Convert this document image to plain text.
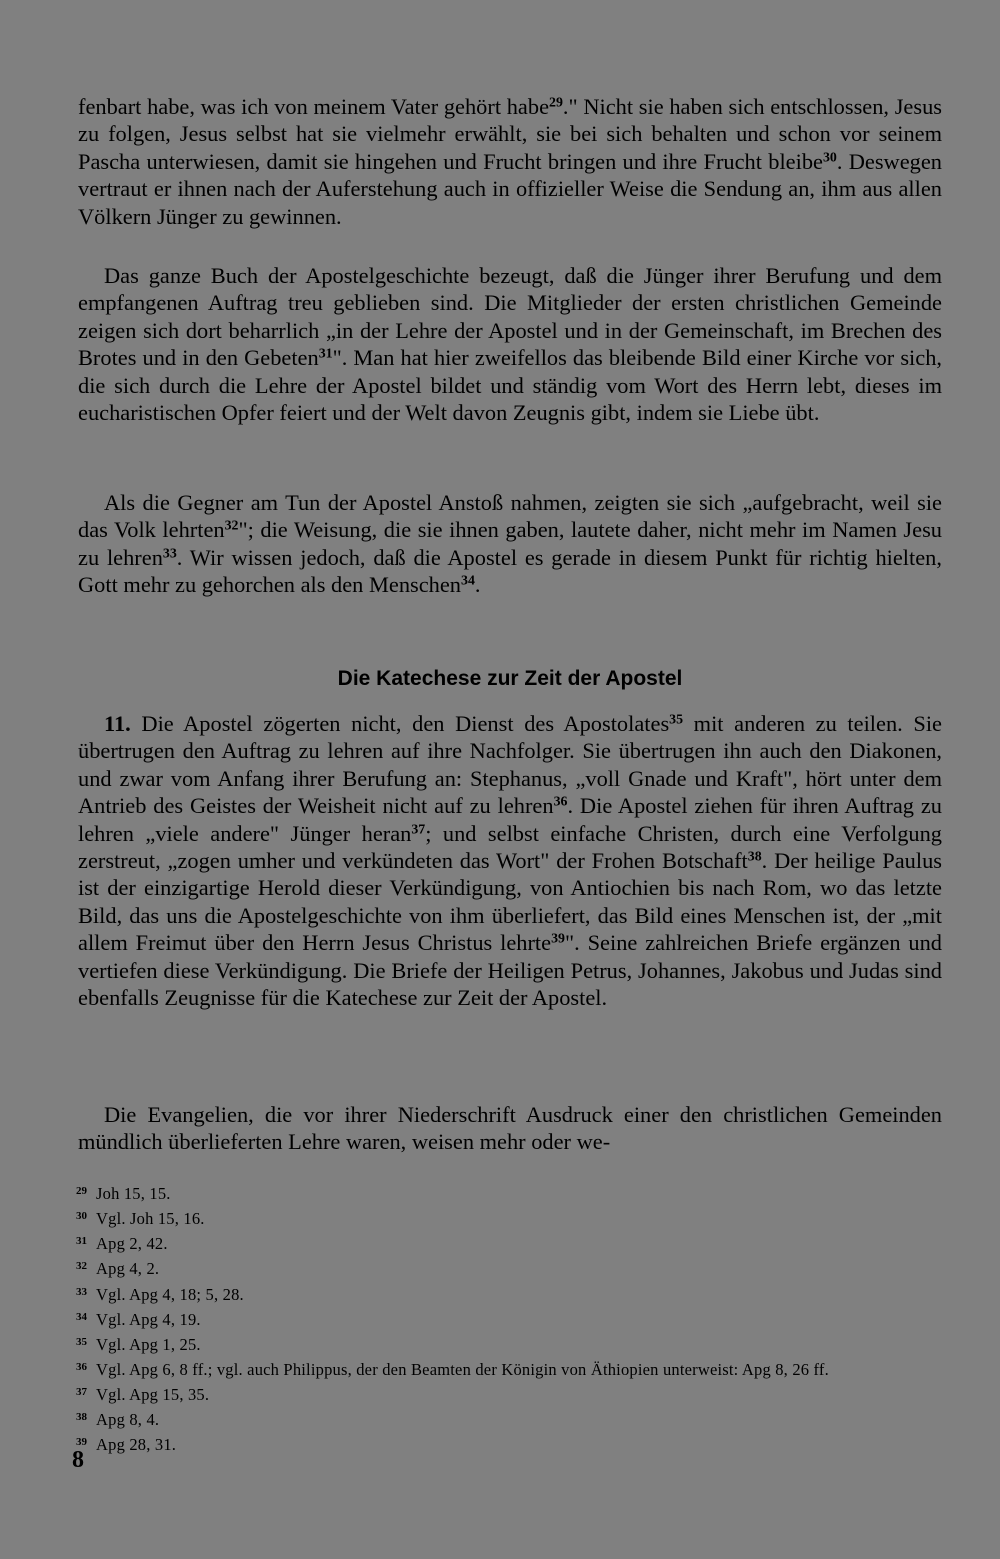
fenbart habe, was ich von meinem Vater gehört habe$^{29}$." Nicht sie haben sich entschlossen, Jesus zu folgen, Jesus selbst hat sie vielmehr erwählt, sie bei sich behalten und schon vor seinem Pascha unterwiesen, damit sie hingehen und Frucht bringen und ihre Frucht bleibe$^{30}$. Deswegen vertraut er ihnen nach der Auferstehung auch in offizieller Weise die Sendung an, ihm aus allen Völkern Jünger zu gewinnen.

Das ganze Buch der Apostelgeschichte bezeugt, daß die Jünger ihrer Berufung und dem empfangenen Auftrag treu geblieben sind. Die Mitglieder der ersten christlichen Gemeinde zeigen sich dort beharrlich „in der Lehre der Apostel und in der Gemeinschaft, im Brechen des Brotes und in den Gebeten$^{31}$". Man hat hier zweifellos das bleibende Bild einer Kirche vor sich, die sich durch die Lehre der Apostel bildet und ständig vom Wort des Herrn lebt, dieses im eucharistischen Opfer feiert und der Welt davon Zeugnis gibt, indem sie Liebe übt.

Als die Gegner am Tun der Apostel Anstoß nahmen, zeigten sie sich „aufgebracht, weil sie das Volk lehrten$^{32}$"; die Weisung, die sie ihnen gaben, lautete daher, nicht mehr im Namen Jesu zu lehren$^{33}$. Wir wissen jedoch, daß die Apostel es gerade in diesem Punkt für richtig hielten, Gott mehr zu gehorchen als den Menschen$^{34}$.

Die Katechese zur Zeit der Apostel

11. Die Apostel zögerten nicht, den Dienst des Apostolates$^{35}$ mit anderen zu teilen. Sie übertrugen den Auftrag zu lehren auf ihre Nachfolger. Sie übertrugen ihn auch den Diakonen, und zwar vom Anfang ihrer Berufung an: Stephanus, „voll Gnade und Kraft", hört unter dem Antrieb des Geistes der Weisheit nicht auf zu lehren$^{36}$. Die Apostel ziehen für ihren Auftrag zu lehren „viele andere" Jünger heran$^{37}$; und selbst einfache Christen, durch eine Verfolgung zerstreut, „zogen umher und verkündeten das Wort" der Frohen Botschaft$^{38}$. Der heilige Paulus ist der einzigartige Herold dieser Verkündigung, von Antiochien bis nach Rom, wo das letzte Bild, das uns die Apostelgeschichte von ihm überliefert, das Bild eines Menschen ist, der „mit allem Freimut über den Herrn Jesus Christus lehrte$^{39}$". Seine zahlreichen Briefe ergänzen und vertiefen diese Verkündigung. Die Briefe der Heiligen Petrus, Johannes, Jakobus und Judas sind ebenfalls Zeugnisse für die Katechese zur Zeit der Apostel.

Die Evangelien, die vor ihrer Niederschrift Ausdruck einer den christlichen Gemeinden mündlich überlieferten Lehre waren, weisen mehr oder we-

29 Joh 15, 15.
30 Vgl. Joh 15, 16.
31 Apg 2, 42.
32 Apg 4, 2.
33 Vgl. Apg 4, 18; 5, 28.
34 Vgl. Apg 4, 19.
35 Vgl. Apg 1, 25.
36 Vgl. Apg 6, 8 ff.; vgl. auch Philippus, der den Beamten der Königin von Äthiopien unterweist: Apg 8, 26 ff.
37 Vgl. Apg 15, 35.
38 Apg 8, 4.
39 Apg 28, 31.
8
